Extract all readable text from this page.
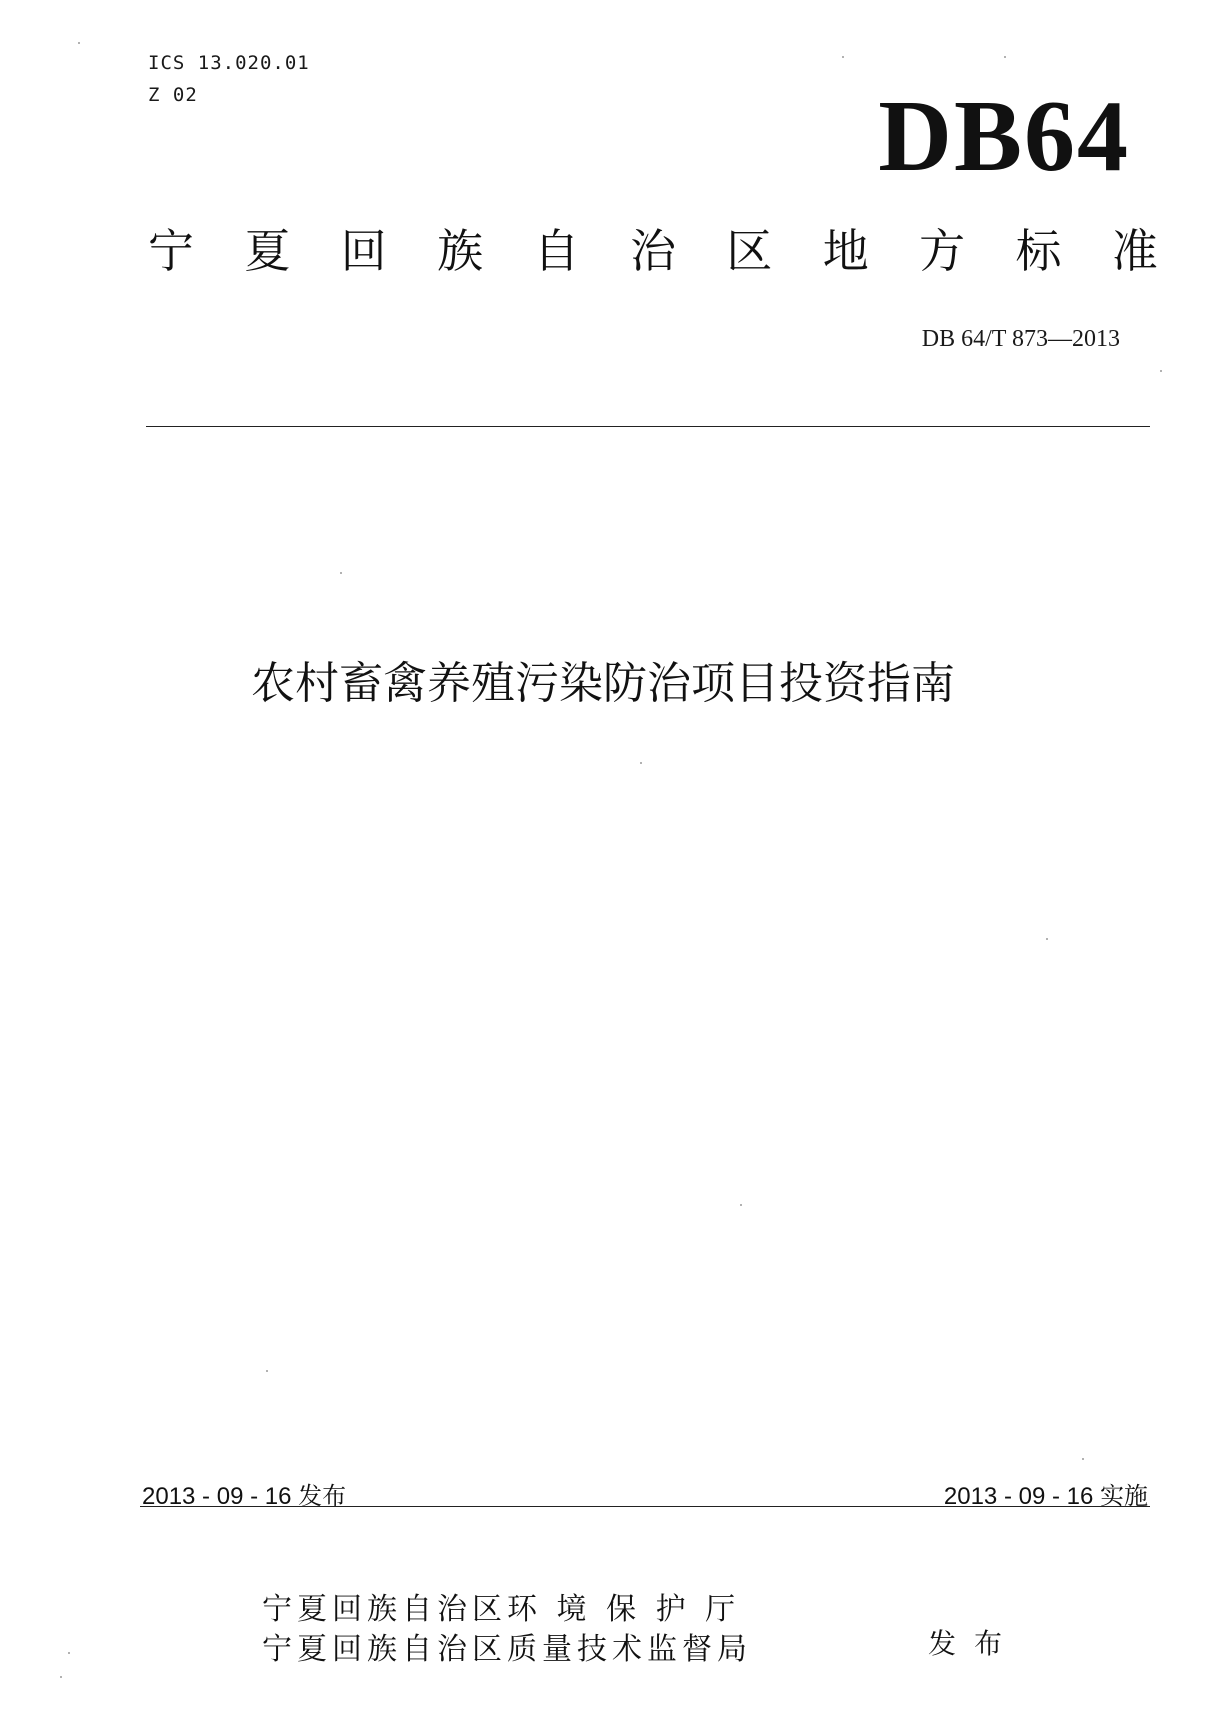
ICS 13.020.01
Z 02	DB64
宁 夏 回 族 自 治 区 地 方 标 准
DB 64/T 873—2013
农村畜禽养殖污染防治项目投资指南
2013 - 09 - 16 发布	2013 - 09 - 16 实施
宁夏回族自治区环 境 保 护 厅
宁夏回族自治区质量技术监督局	发布
